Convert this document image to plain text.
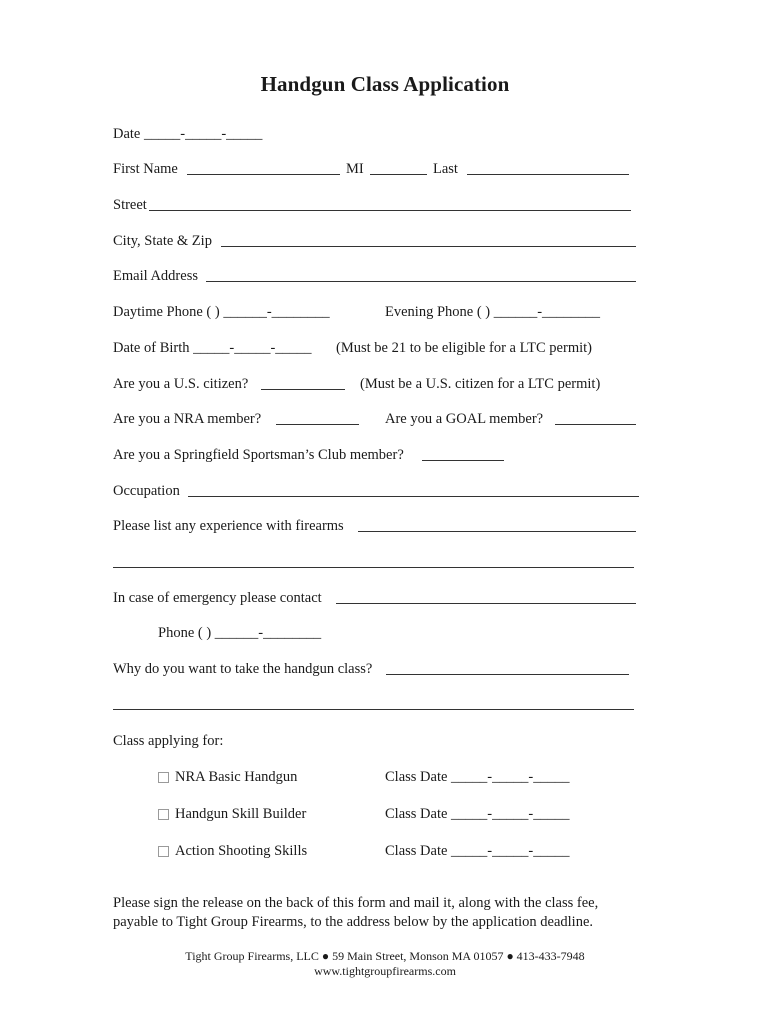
Handgun Class Application
Date _____-_____-_____
First Name	MI	Last
Street
City, State & Zip
Email Address
Daytime Phone ( ) ______-________	Evening Phone ( ) ______-________
Date of Birth _____-_____-_____ (Must be 21 to be eligible for a LTC permit)
Are you a U.S. citizen?	(Must be a U.S. citizen for a LTC permit)
Are you a NRA member?	Are you a GOAL member?
Are you a Springfield Sportsman’s Club member?
Occupation
Please list any experience with firearms
In case of emergency please contact
Phone ( ) ______-________
Why do you want to take the handgun class?
Class applying for:
NRA Basic Handgun	Class Date _____-_____-_____
Handgun Skill Builder	Class Date _____-_____-_____
Action Shooting Skills	Class Date _____-_____-_____
Please sign the release on the back of this form and mail it, along with the class fee,
payable to Tight Group Firearms, to the address below by the application deadline.
Tight Group Firearms, LLC ● 59 Main Street, Monson MA 01057 ● 413-433-7948
www.tightgroupfirearms.com
